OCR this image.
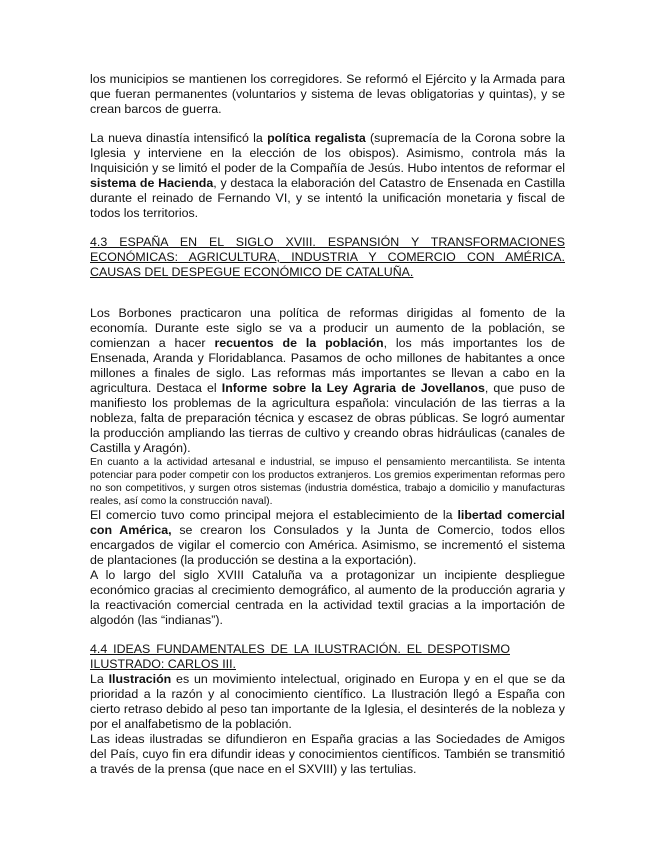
los municipios se mantienen los corregidores. Se reformó el Ejército y la Armada para que fueran permanentes (voluntarios y sistema de levas obligatorias y quintas), y se crean barcos de guerra.

La nueva dinastía intensificó la política regalista (supremacía de la Corona sobre la Iglesia y interviene en la elección de los obispos). Asimismo, controla más la Inquisición y se limitó el poder de la Compañía de Jesús. Hubo intentos de reformar el sistema de Hacienda, y destaca la elaboración del Catastro de Ensenada en Castilla durante el reinado de Fernando VI, y se intentó la unificación monetaria y fiscal de todos los territorios.

4.3 ESPAÑA EN EL SIGLO XVIII. ESPANSIÓN Y TRANSFORMACIONES ECONÓMICAS: AGRICULTURA, INDUSTRIA Y COMERCIO CON AMÉRICA. CAUSAS DEL DESPEGUE ECONÓMICO DE CATALUÑA.

Los Borbones practicaron una política de reformas dirigidas al fomento de la economía. Durante este siglo se va a producir un aumento de la población, se comienzan a hacer recuentos de la población, los más importantes los de Ensenada, Aranda y Floridablanca. Pasamos de ocho millones de habitantes a once millones a finales de siglo. Las reformas más importantes se llevan a cabo en la agricultura. Destaca el Informe sobre la Ley Agraria de Jovellanos, que puso de manifiesto los problemas de la agricultura española: vinculación de las tierras a la nobleza, falta de preparación técnica y escasez de obras públicas. Se logró aumentar la producción ampliando las tierras de cultivo y creando obras hidráulicas (canales de Castilla y Aragón).

En cuanto a la actividad artesanal e industrial, se impuso el pensamiento mercantilista. Se intenta potenciar para poder competir con los productos extranjeros. Los gremios experimentan reformas pero no son competitivos, y surgen otros sistemas (industria doméstica, trabajo a domicilio y manufacturas reales, así como la construcción naval).

El comercio tuvo como principal mejora el establecimiento de la libertad comercial con América, se crearon los Consulados y la Junta de Comercio, todos ellos encargados de vigilar el comercio con América. Asimismo, se incrementó el sistema de plantaciones (la producción se destina a la exportación).

A lo largo del siglo XVIII Cataluña va a protagonizar un incipiente despliegue económico gracias al crecimiento demográfico, al aumento de la producción agraria y la reactivación comercial centrada en la actividad textil gracias a la importación de algodón (las “indianas”).

4.4 IDEAS FUNDAMENTALES DE LA ILUSTRACIÓN. EL DESPOTISMO ILUSTRADO: CARLOS III.

La Ilustración es un movimiento intelectual, originado en Europa y en el que se da prioridad a la razón y al conocimiento científico. La Ilustración llegó a España con cierto retraso debido al peso tan importante de la Iglesia, el desinterés de la nobleza y por el analfabetismo de la población.

Las ideas ilustradas se difundieron en España gracias a las Sociedades de Amigos del País, cuyo fin era difundir ideas y conocimientos científicos. También se transmitió a través de la prensa (que nace en el SXVIII) y las tertulias.
